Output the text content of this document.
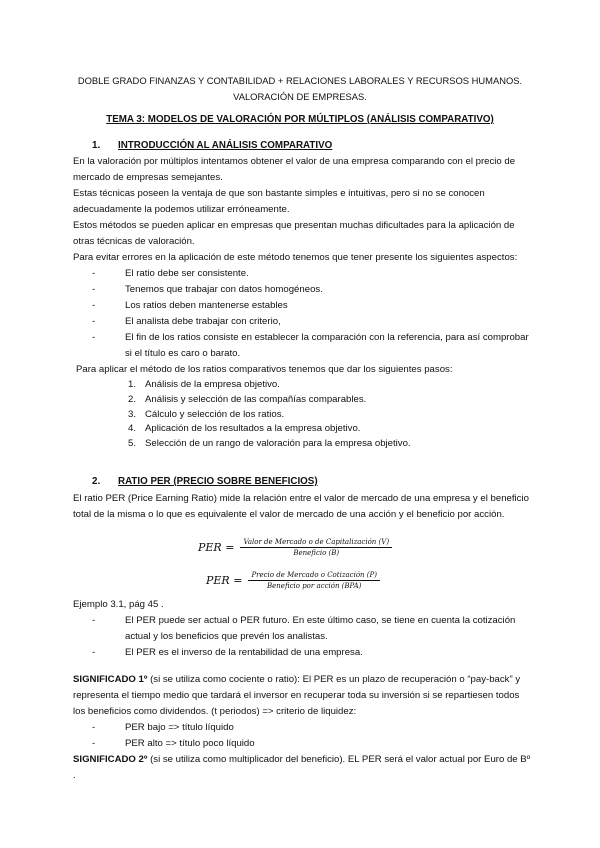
DOBLE GRADO FINANZAS Y CONTABILIDAD + RELACIONES LABORALES Y RECURSOS HUMANOS.
VALORACIÓN DE EMPRESAS.
TEMA 3: MODELOS DE VALORACIÓN POR MÚLTIPLOS (ANÁLISIS COMPARATIVO)
1. INTRODUCCIÓN AL ANÁLISIS COMPARATIVO

En la valoración por múltiplos intentamos obtener el valor de una empresa comparando con el precio de mercado de empresas semejantes.

Estas técnicas poseen la ventaja de que son bastante simples e intuitivas, pero si no se conocen adecuadamente la podemos utilizar erróneamente.

Estos métodos se pueden aplicar en empresas que presentan muchas dificultades para la aplicación de otras técnicas de valoración.

Para evitar errores en la aplicación de este método tenemos que tener presente los siguientes aspectos:

- El ratio debe ser consistente.
- Tenemos que trabajar con datos homogéneos.
- Los ratios deben mantenerse estables
- El analista debe trabajar con criterio,
- El fin de los ratios consiste en establecer la comparación con la referencia, para así comprobar si el título es caro o barato.

Para aplicar el método de los ratios comparativos tenemos que dar los siguientes pasos:

1. Análisis de la empresa objetivo.
2. Análisis y selección de las compañías comparables.
3. Cálculo y selección de los ratios.
4. Aplicación de los resultados a la empresa objetivo.
5. Selección de un rango de valoración para la empresa objetivo.
2. RATIO PER (PRECIO SOBRE BENEFICIOS)

El ratio PER (Price Earning Ratio) mide la relación entre el valor de mercado de una empresa y el beneficio total de la misma o lo que es equivalente el valor de mercado de una acción y el beneficio por acción.

PER = $\frac{\text{Valor de Mercado o de Capitalización (V)}}{\text{Beneficio (B)}}$
PER = $\frac{\text{Precio de Mercado o Cotización (P)}}{\text{Beneficio por acción (BPA)}}$

Ejemplo 3.1, pág 45 .

- El PER puede ser actual o PER futuro. En este último caso, se tiene en cuenta la cotización actual y los beneficios que prevén los analistas.
- El PER es el inverso de la rentabilidad de una empresa.

SIGNIFICADO 1º (si se utiliza como cociente o ratio): El PER es un plazo de recuperación o “pay-back” y representa el tiempo medio que tardará el inversor en recuperar toda su inversión si se repartiesen todos los beneficios como dividendos. (t periodos) => criterio de liquidez:

- PER bajo => título líquido
- PER alto => título poco líquido

SIGNIFICADO 2º (si se utiliza como multiplicador del beneficio). EL PER será el valor actual por Euro de Bº .
